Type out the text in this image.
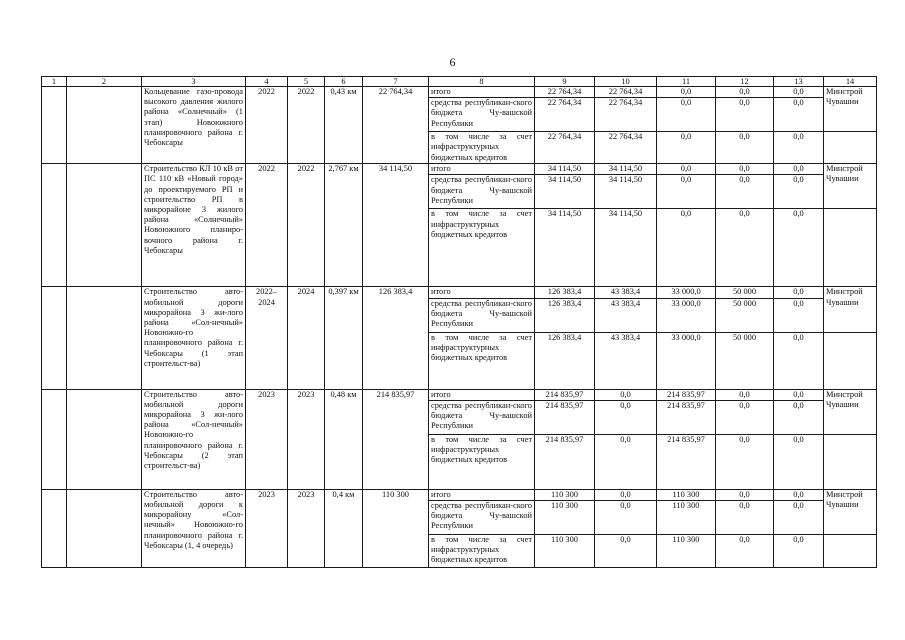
6
1	2	3	4	5	6	7	8	9	10	11	12	13	14
		Кольцевание газо-провода высокого давления жилого района «Солнечный» (1 этап) Новоюжного планировочного района г. Чебоксары	2022	2022	0,43 км	22 764,34	итого	22 764,34	22 764,34	0,0	0,0	0,0	Минстрой Чувашии
							средства республикан-ского бюджета Чу-вашской Республики	22 764,34	22 764,34	0,0	0,0	0,0	
							в том числе за счет инфраструктурных бюджетных кредитов	22 764,34	22 764,34	0,0	0,0	0,0	
		Строительство КЛ 10 кВ от ПС 110 кВ «Новый город» до проектируемого РП и строительство РП в микрорайоне 3 жилого района «Солнечный» Новоюжного планиро-вочного района г. Чебоксары	2022	2022	2,767 км	34 114,50	итого	34 114,50	34 114,50	0,0	0,0	0,0	Минстрой Чувашии
							средства республикан-ского бюджета Чу-вашской Республики	34 114,50	34 114,50	0,0	0,0	0,0	
							в том числе за счет инфраструктурных бюджетных кредитов	34 114,50	34 114,50	0,0	0,0	0,0	
		Строительство авто-мобильной дороги микрорайона 3 жи-лого района «Сол-нечный» Новоюжно-го планировочного района г. Чебоксары (1 этап строительст-ва)	2022–2024	2024	0,397 км	126 383,4	итого	126 383,4	43 383,4	33 000,0	50 000	0,0	Минстрой Чувашии
							средства республикан-ского бюджета Чу-вашской Республики	126 383,4	43 383,4	33 000,0	50 000	0,0	
							в том числе за счет инфраструктурных бюджетных кредитов	126 383,4	43 383,4	33 000,0	50 000	0,0	
		Строительство авто-мобильной дороги микрорайона 3 жи-лого района «Сол-нечный» Новоюжно-го планировочного района г. Чебоксары (2 этап строительст-ва)	2023	2023	0,48 км	214 835,97	итого	214 835,97	0,0	214 835,97	0,0	0,0	Минстрой Чувашии
							средства республикан-ского бюджета Чу-вашской Республики	214 835,97	0,0	214 835,97	0,0	0,0	
							в том числе за счет инфраструктурных бюджетных кредитов	214 835,97	0,0	214 835,97	0,0	0,0	
		Строительство авто-мобильной дороги к микрорайону «Сол-нечный» Новоюжно-го планировочного района г. Чебоксары (1, 4 очередь)	2023	2023	0,4 км	110 300	итого	110 300	0,0	110 300	0,0	0,0	Минстрой Чувашии
							средства республикан-ского бюджета Чу-вашской Республики	110 300	0,0	110 300	0,0	0,0	
							в том числе за счет инфраструктурных бюджетных кредитов	110 300	0,0	110 300	0,0	0,0	
